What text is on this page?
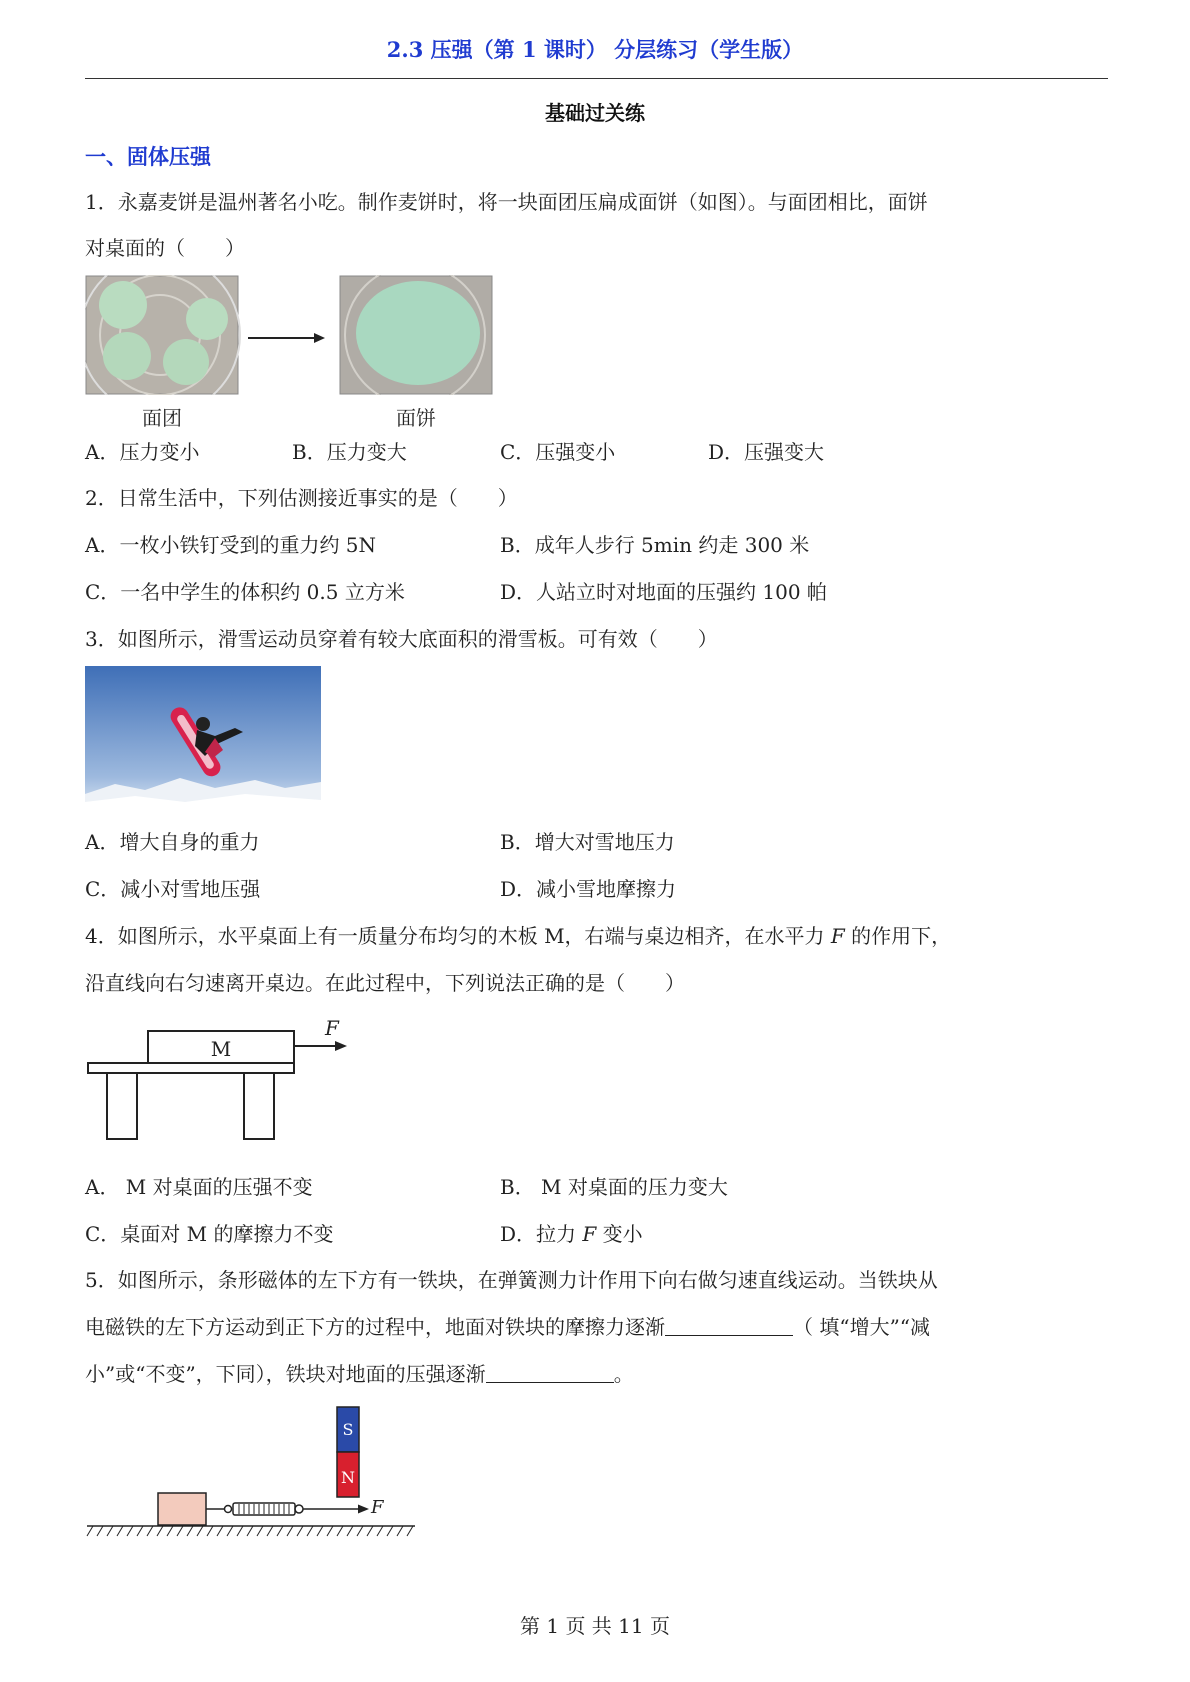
2.3 压强（第 1 课时） 分层练习（学生版）
基础过关练
一、固体压强
1．永嘉麦饼是温州著名小吃。制作麦饼时，将一块面团压扁成面饼（如图）。与面团相比，面饼
对桌面的（　　）
面团	面饼
A．压力变小	B．压力变大	C．压强变小	D．压强变大
2．日常生活中，下列估测接近事实的是（　　）
A．一枚小铁钉受到的重力约 5N	B．成年人步行 5min 约走 300 米
C．一名中学生的体积约 0.5 立方米	D．人站立时对地面的压强约 100 帕
3．如图所示，滑雪运动员穿着有较大底面积的滑雪板。可有效（　　）
A．增大自身的重力	B．增大对雪地压力
C．减小对雪地压强	D．减小雪地摩擦力
4．如图所示，水平桌面上有一质量分布均匀的木板 M，右端与桌边相齐，在水平力 F 的作用下，
沿直线向右匀速离开桌边。在此过程中，下列说法正确的是（　　）
M
F
A． M 对桌面的压强不变	B． M 对桌面的压力变大
C．桌面对 M 的摩擦力不变	D．拉力 F 变小
5．如图所示，条形磁体的左下方有一铁块，在弹簧测力计作用下向右做匀速直线运动。当铁块从
电磁铁的左下方运动到正下方的过程中，地面对铁块的摩擦力逐渐	（ 填“增大”“减
小”或“不变”，下同），铁块对地面的压强逐渐	。
S
N
F
第 1 页 共 11 页
